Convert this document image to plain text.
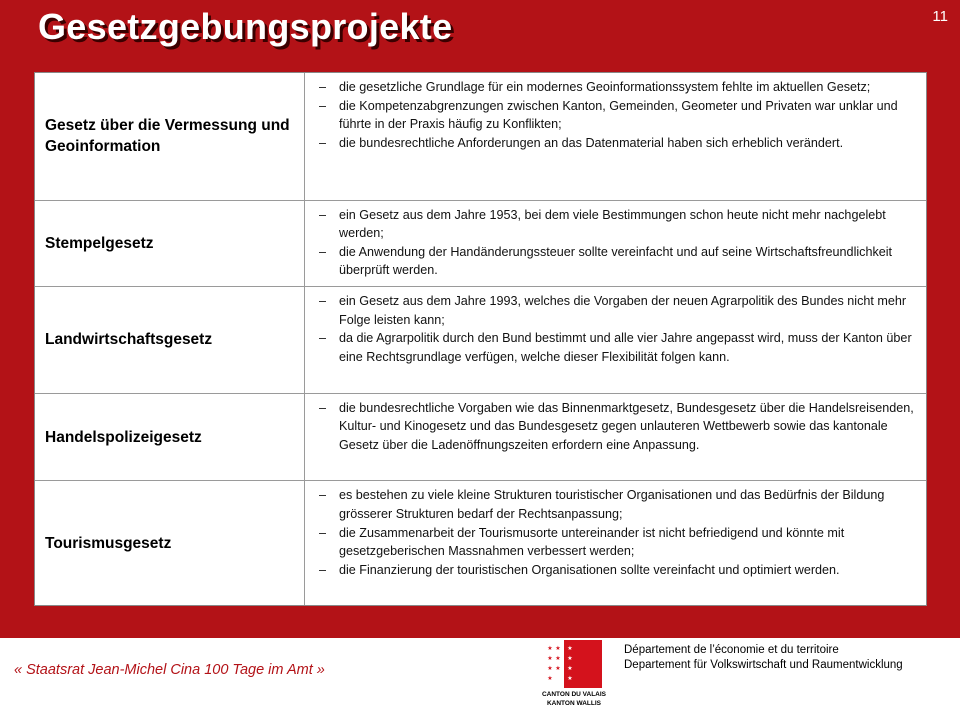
Gesetzgebungsprojekte	11
Gesetz über die Vermessung und Geoinformation
–	die gesetzliche Grundlage für ein modernes Geoinformationssystem fehlte im aktuellen Gesetz;
–	die Kompetenzabgrenzungen zwischen Kanton, Gemeinden, Geometer und Privaten war unklar und führte in der Praxis häufig zu Konflikten;
–	die bundesrechtliche Anforderungen an das Datenmaterial haben sich erheblich verändert.
Stempelgesetz
–	ein Gesetz aus dem Jahre 1953, bei dem viele Bestimmungen schon heute nicht mehr nachgelebt werden;
–	die Anwendung der Handänderungssteuer sollte vereinfacht und auf seine Wirtschaftsfreundlichkeit überprüft werden.
Landwirtschaftsgesetz
–	ein Gesetz aus dem Jahre 1993, welches die Vorgaben der neuen Agrarpolitik des Bundes nicht mehr Folge leisten kann;
–	da die Agrarpolitik durch den Bund bestimmt und alle vier Jahre angepasst wird, muss der Kanton über eine Rechtsgrundlage verfügen, welche dieser Flexibilität folgen kann.
Handelspolizeigesetz
–	die bundesrechtliche Vorgaben wie das Binnenmarktgesetz, Bundesgesetz über die Handelsreisenden, Kultur- und Kinogesetz und das Bundesgesetz gegen unlauteren Wettbewerb sowie das kantonale Gesetz über die Ladenöffnungszeiten erfordern eine Anpassung.
Tourismusgesetz
–	es bestehen zu viele kleine Strukturen touristischer Organisationen und das Bedürfnis der Bildung grösserer Strukturen bedarf der Rechtsanpassung;
–	die Zusammenarbeit der Tourismusorte untereinander ist nicht befriedigend und könnte mit gesetzgeberischen Massnahmen verbessert werden;
–	die Finanzierung der touristischen Organisationen sollte vereinfacht und optimiert werden.
« Staatsrat Jean-Michel Cina 100 Tage im Amt »
★ ★
★ ★
★ ★
★
★
★
★
★
CANTON DU VALAIS
KANTON WALLIS
Département de l’économie et du territoire
Departement für Volkswirtschaft und Raumentwicklung
